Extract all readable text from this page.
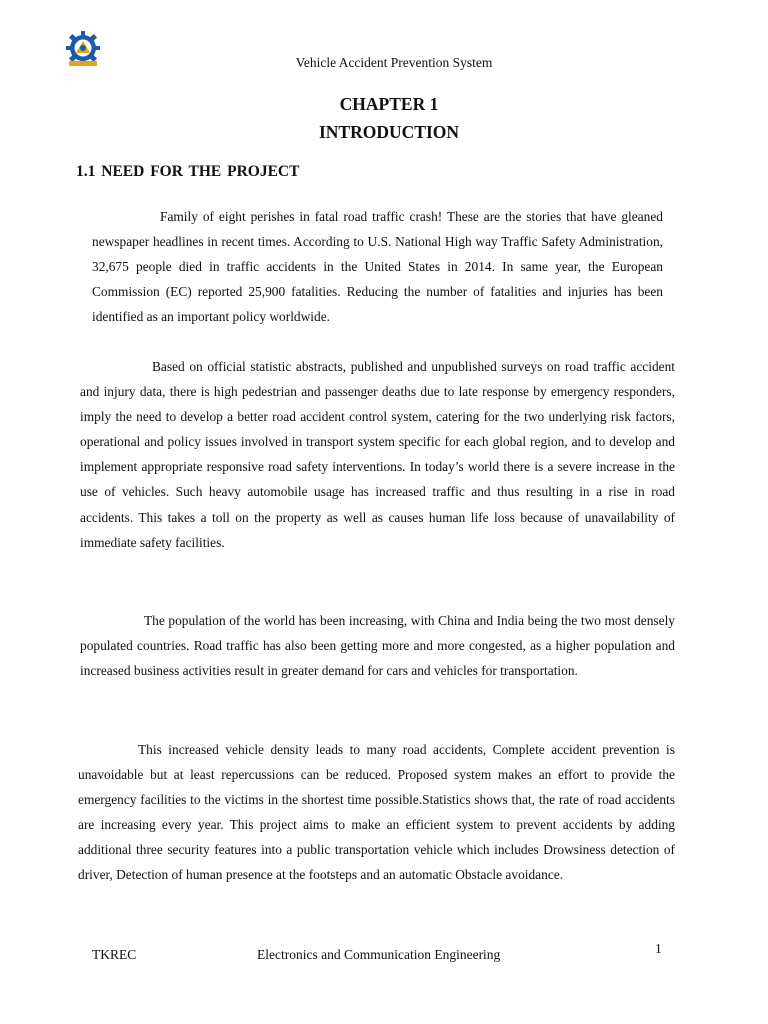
Vehicle Accident Prevention System
CHAPTER 1
INTRODUCTION
1.1 NEED FOR THE PROJECT

Family of eight perishes in fatal road traffic crash! These are the stories that have gleaned newspaper headlines in recent times. According to U.S. National High way Traffic Safety Administration, 32,675 people died in traffic accidents in the United States in 2014. In same year, the European Commission (EC) reported 25,900 fatalities. Reducing the number of fatalities and injuries has been identified as an important policy worldwide.

Based on official statistic abstracts, published and unpublished surveys on road traffic accident and injury data, there is high pedestrian and passenger deaths due to late response by emergency responders, imply the need to develop a better road accident control system, catering for the two underlying risk factors, operational and policy issues involved in transport system specific for each global region, and to develop and implement appropriate responsive road safety interventions. In today’s world there is a severe increase in the use of vehicles. Such heavy automobile usage has increased traffic and thus resulting in a rise in road accidents. This takes a toll on the property as well as causes human life loss because of unavailability of immediate safety facilities.

The population of the world has been increasing, with China and India being the two most densely populated countries. Road traffic has also been getting more and more congested, as a higher population and increased business activities result in greater demand for cars and vehicles for transportation.

This increased vehicle density leads to many road accidents, Complete accident prevention is unavoidable but at least repercussions can be reduced. Proposed system makes an effort to provide the emergency facilities to the victims in the shortest time possible.Statistics shows that, the rate of road accidents are increasing every year. This project aims to make an efficient system to prevent accidents by adding additional three security features into a public transportation vehicle which includes Drowsiness detection of driver, Detection of human presence at the footsteps and an automatic Obstacle avoidance.

TKREC	Electronics and Communication Engineering	1
